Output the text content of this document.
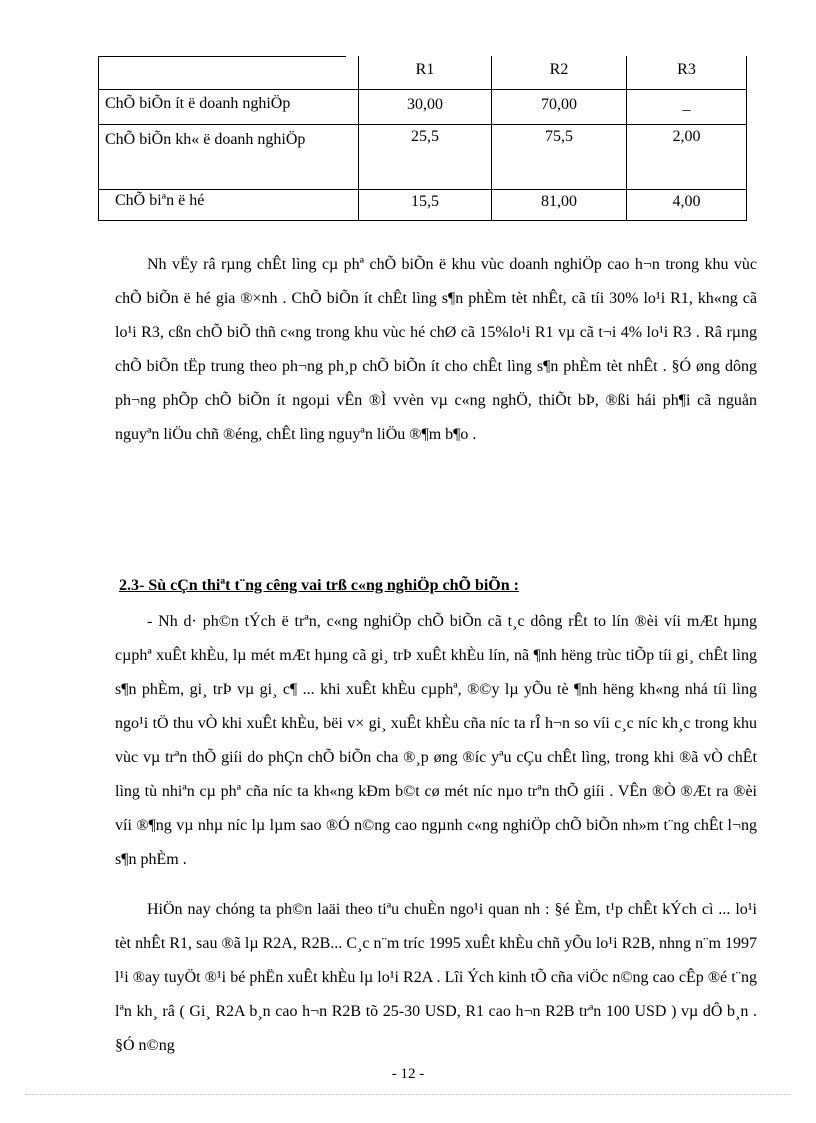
	R1	R2	R3

ChÕ biÕn ít ë doanh nghiÖp	30,00	70,00	_

ChÕ biÕn kh« ë doanh nghiÖp	25,5	75,5	2,00

ChÕ biªn ë hé	15,5	81,00	4,00

Nh vËy râ rµng chÊt lìng cµ phª chÕ biÕn ë khu vùc doanh nghiÖp cao h¬n trong khu vùc chÕ biÕn ë hé gia ®×nh . ChÕ biÕn ít chÊt lìng s¶n phÈm tèt nhÊt, cã tíi 30% lo¹i R1, kh«ng cã lo¹i R3, cßn chÕ biÕ thñ c«ng trong khu vùc hé chØ cã 15%lo¹i R1 vµ cã t¬i 4% lo¹i R3 . Râ rµng chÕ biÕn tËp trung theo ph¬ng ph¸p chÕ biÕn ít cho chÊt lìng s¶n phÈm tèt nhÊt . §Ó øng dông ph¬ng phÕp chÕ biÕn ít ngoµi vÊn ®Ì vvèn vµ c«ng nghÖ, thiÕt bÞ, ®ßi hái ph¶i cã nguån nguyªn liÖu chñ ®éng, chÊt lìng nguyªn liÖu ®¶m b¶o .

2.3- Sù cÇn thiªt t¨ng cêng vai trß c«ng nghiÖp chÕ biÕn :

- Nh d· ph©n tÝch ë trªn, c«ng nghiÖp chÕ biÕn cã t¸c dông rÊt to lín ®èi víi mÆt hµng cµphª xuÊt khÈu, lµ mét mÆt hµng cã gi¸ trÞ xuÊt khÈu lín, nã ¶nh hëng trùc tiÕp tíi gi¸ chÊt lìng s¶n phÈm, gi¸ trÞ vµ gi¸ c¶ ... khi xuÊt khÈu cµphª, ®©y lµ yÕu tè ¶nh hëng kh«ng nhá tíi lìng ngo¹i tÖ thu vÒ khi xuÊt khÈu, bëi v× gi¸ xuÊt khÈu cña níc ta rÎ h¬n so víi c¸c níc kh¸c trong khu vùc vµ trªn thÕ giíi do phÇn chÕ biÕn cha ®¸p øng ®íc yªu cÇu chÊt lìng, trong khi ®ã vÒ chÊt lìng tù nhiªn cµ phª cña níc ta kh«ng kÐm b©t cø mét níc nµo trªn thÕ giíi . VÊn ®Ò ®Æt ra ®èi víi ®¶ng vµ nhµ níc lµ lµm sao ®Ó n©ng cao ngµnh c«ng nghiÖp chÕ biÕn nh»m t¨ng chÊt l¬ng s¶n phÈm .

HiÖn nay chóng ta ph©n laäi theo tiªu chuÈn ngo¹i quan nh : §é Èm, t¹p chÊt kÝch cì ... lo¹i tèt nhÊt R1, sau ®ã lµ R2A, R2B... C¸c n¨m tríc 1995 xuÊt khÈu chñ yÕu lo¹i R2B, nhng n¨m 1997 l¹i ®ay tuyÖt ®¹i bé phËn xuÊt khÈu lµ lo¹i R2A . Lîi Ých kinh tÕ cña viÖc n©ng cao cÊp ®é t¨ng lªn kh¸ râ ( Gi¸ R2A b¸n cao h¬n R2B tõ 25-30 USD, R1 cao h¬n R2B trªn 100 USD ) vµ dÔ b¸n . §Ó n©ng

- 12 -
